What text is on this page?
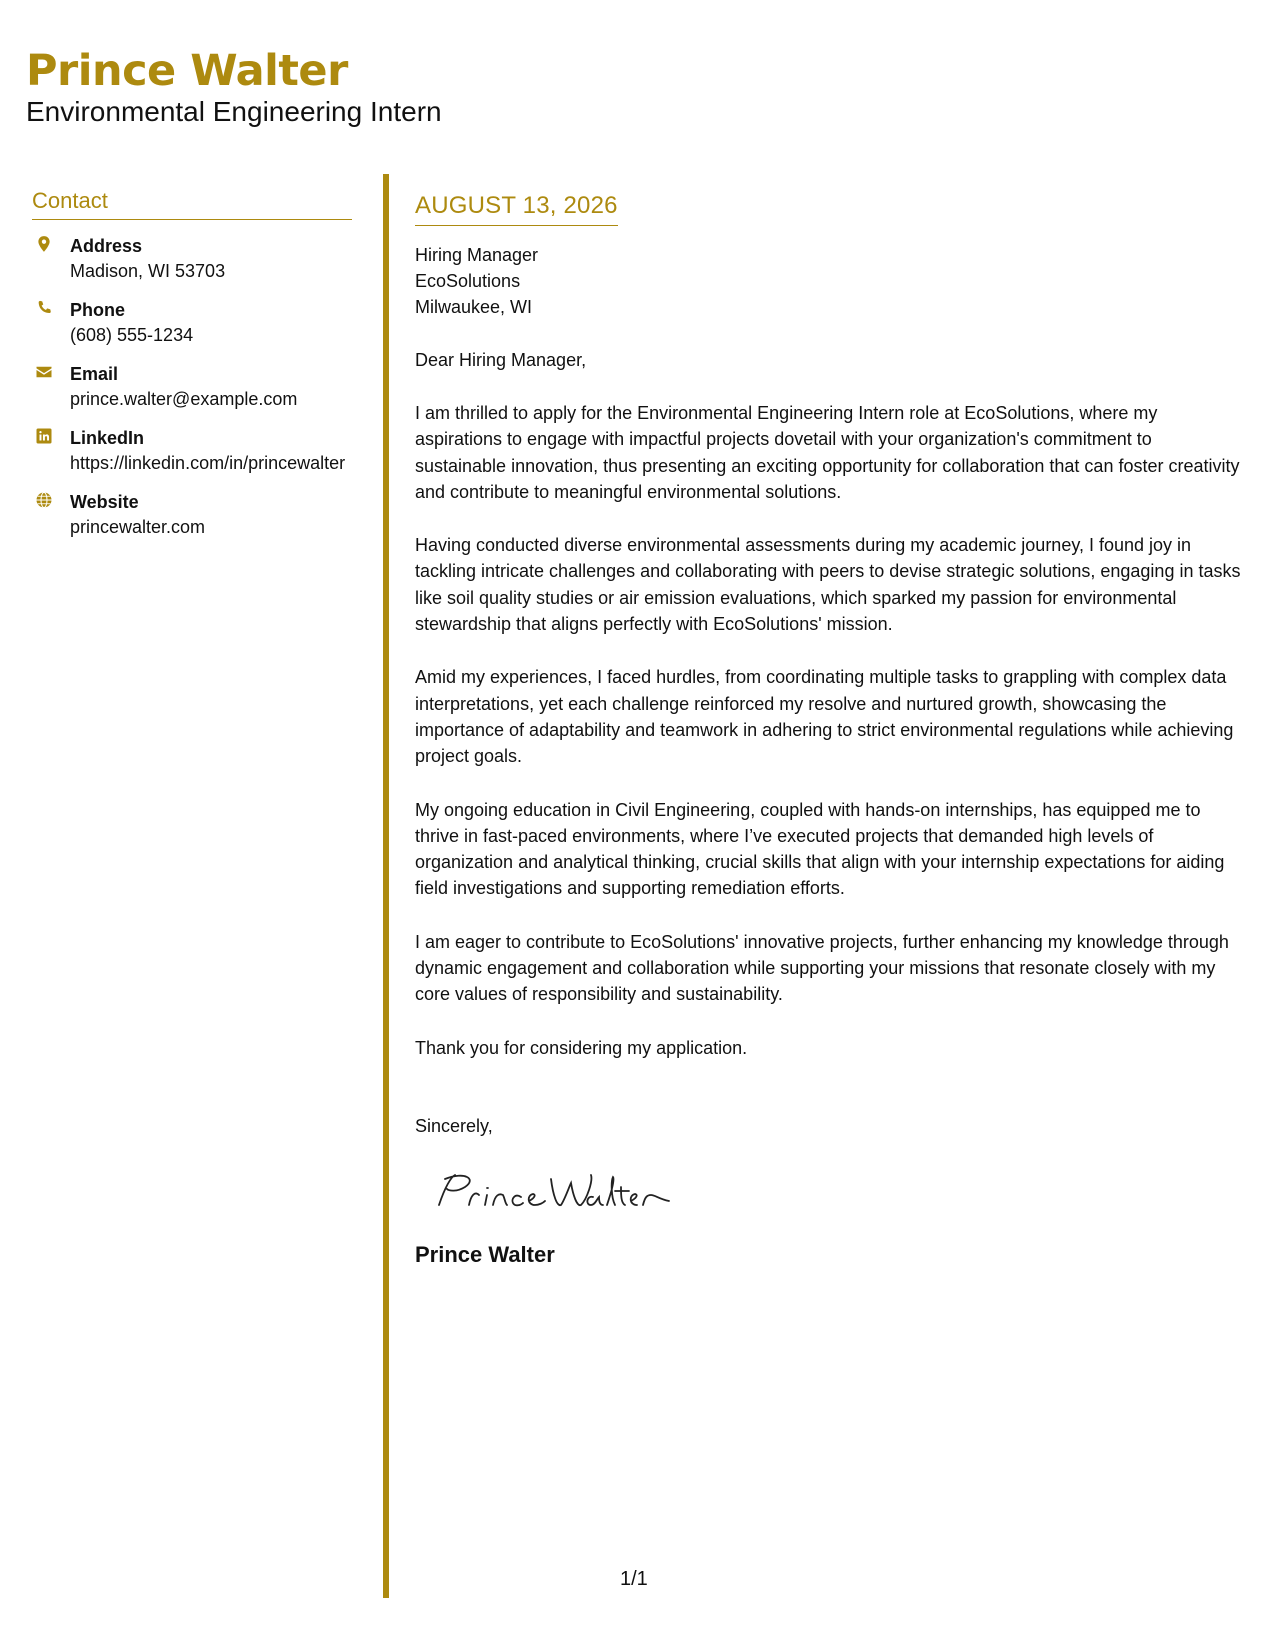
Prince Walter
Environmental Engineering Intern
Contact
Address
Madison, WI 53703
Phone
(608) 555-1234
Email
prince.walter@example.com
LinkedIn
https://linkedin.com/in/princewalter
Website
princewalter.com
AUGUST 13, 2026
Hiring Manager
EcoSolutions
Milwaukee, WI
Dear Hiring Manager,
I am thrilled to apply for the Environmental Engineering Intern role at EcoSolutions, where my aspirations to engage with impactful projects dovetail with your organization's commitment to sustainable innovation, thus presenting an exciting opportunity for collaboration that can foster creativity and contribute to meaningful environmental solutions.
Having conducted diverse environmental assessments during my academic journey, I found joy in tackling intricate challenges and collaborating with peers to devise strategic solutions, engaging in tasks like soil quality studies or air emission evaluations, which sparked my passion for environmental stewardship that aligns perfectly with EcoSolutions' mission.
Amid my experiences, I faced hurdles, from coordinating multiple tasks to grappling with complex data interpretations, yet each challenge reinforced my resolve and nurtured growth, showcasing the importance of adaptability and teamwork in adhering to strict environmental regulations while achieving project goals.
My ongoing education in Civil Engineering, coupled with hands-on internships, has equipped me to thrive in fast-paced environments, where I’ve executed projects that demanded high levels of organization and analytical thinking, crucial skills that align with your internship expectations for aiding field investigations and supporting remediation efforts.
I am eager to contribute to EcoSolutions' innovative projects, further enhancing my knowledge through dynamic engagement and collaboration while supporting your missions that resonate closely with my core values of responsibility and sustainability.
Thank you for considering my application.
Sincerely,
Prince Walter
1/1
